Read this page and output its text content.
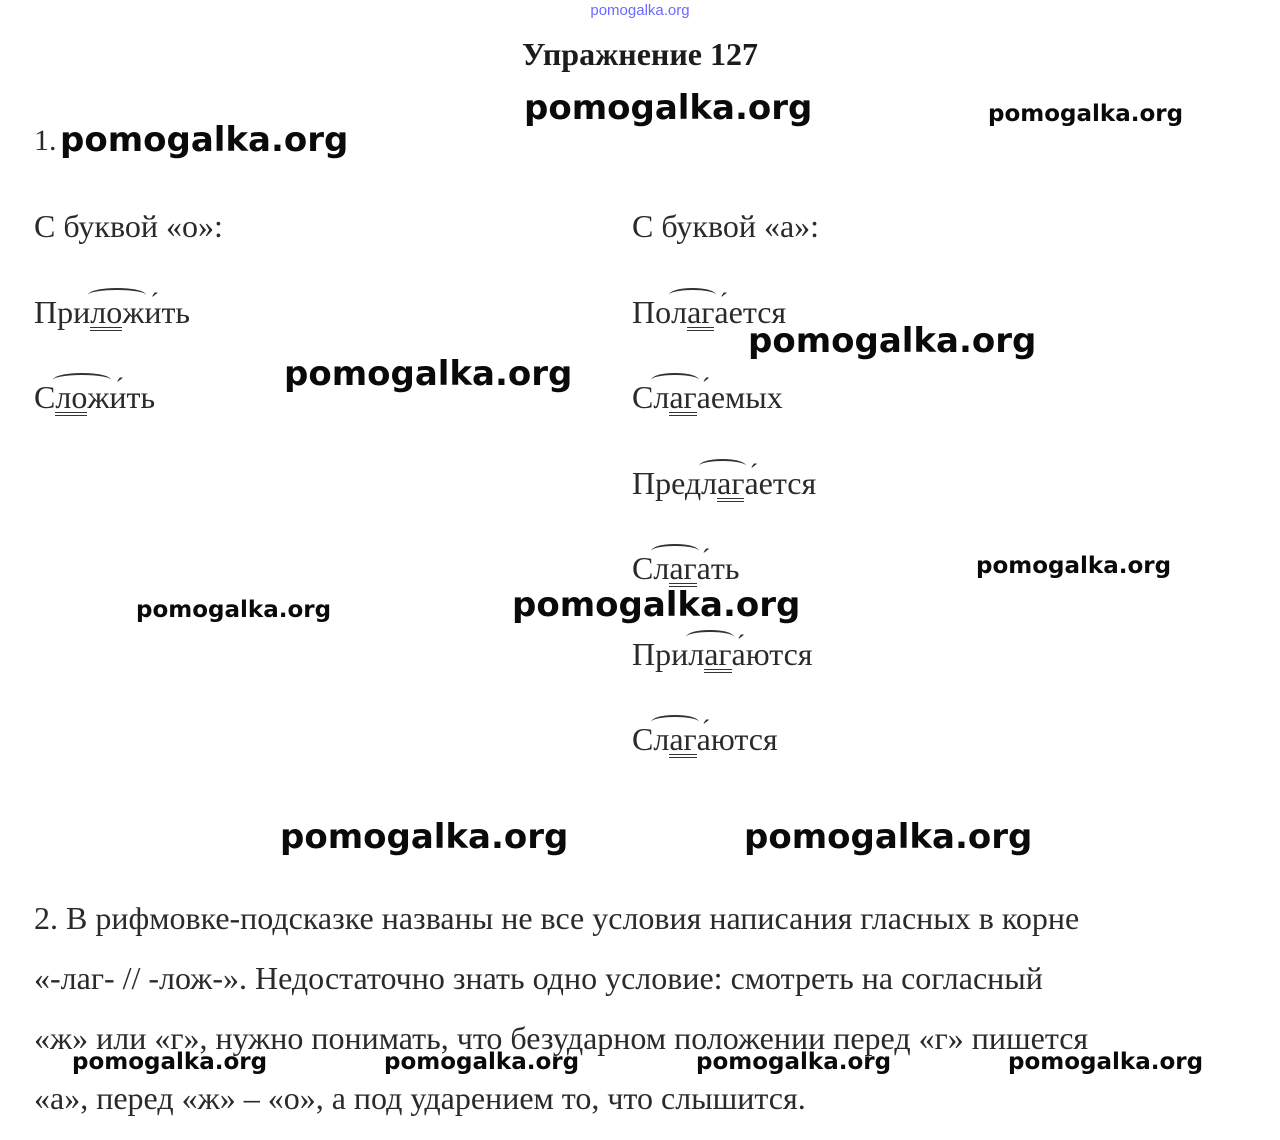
pomogalka.org
Упражнение 127
1.
С буквой «о»:	С буквой «а»:
При
ложи ´ть
С
ложи ´ть
По
лага ´ется
С
лага ´емых
Пред
лага ´ется
С
лага ´ть
При
лага ´ются
С
лага ´ются

2. В рифмовке-подсказке названы не все условия написания гласных в корне

«-лаг- // -лож-». Недостаточно знать одно условие: смотреть на согласный

«ж» или «г», нужно понимать, что безударном положении перед «г» пишется

«а», перед «ж» – «о», а под ударением то, что слышится.

pomogalka.org	pomogalka.org
pomogalka.org
pomogalka.org
pomogalka.org
pomogalka.org
pomogalka.org
pomogalka.org
pomogalka.org	pomogalka.org
pomogalka.org	pomogalka.org	pomogalka.org	pomogalka.org
